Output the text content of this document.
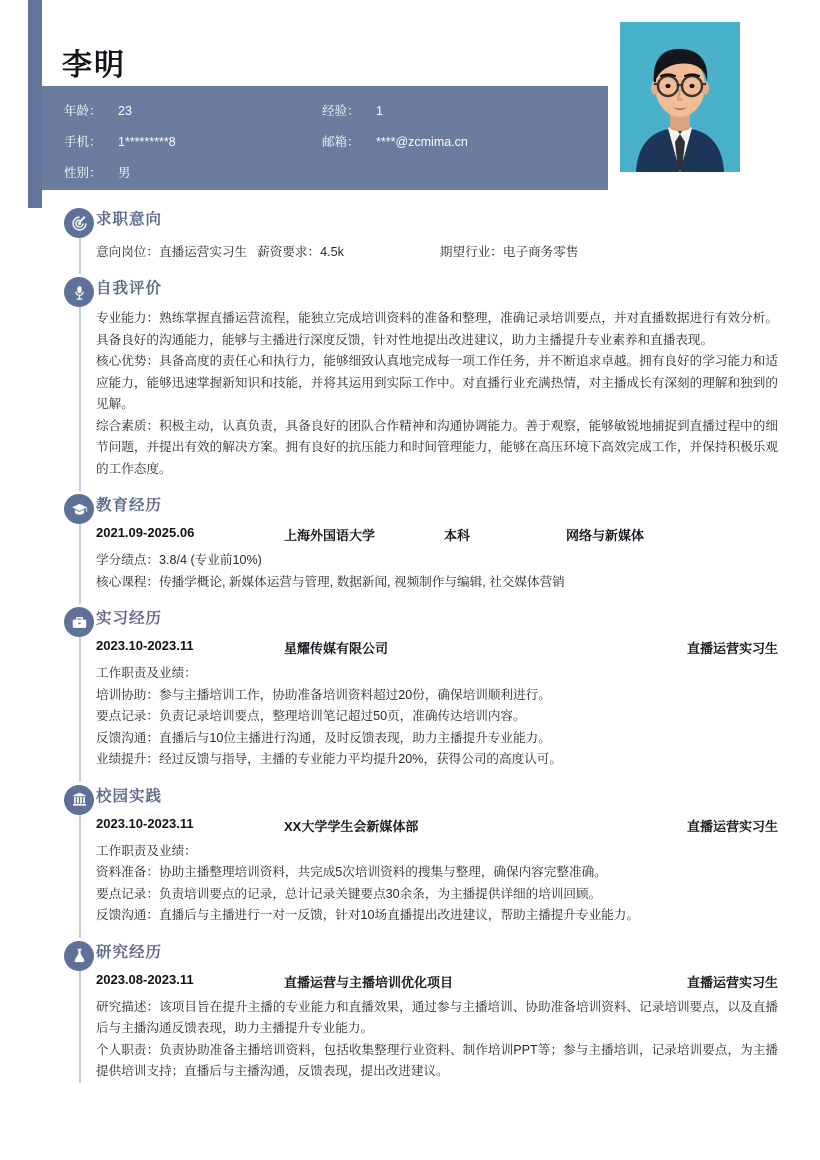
李明
年龄：	23	经验：	1
手机：	1*********8	邮箱：	****@zcmima.cn
性别：	男
求职意向
意向岗位： 直播运营实习生 薪资要求： 4.5k	期望行业： 电子商务零售
自我评价
专业能力：熟练掌握直播运营流程，能独立完成培训资料的准备和整理，准确记录培训要点，并对直播数据进行有效分析。具备良好的沟通能力，能够与主播进行深度反馈，针对性地提出改进建议，助力主播提升专业素养和直播表现。
核心优势：具备高度的责任心和执行力，能够细致认真地完成每一项工作任务，并不断追求卓越。拥有良好的学习能力和适应能力，能够迅速掌握新知识和技能，并将其运用到实际工作中。对直播行业充满热情，对主播成长有深刻的理解和独到的见解。
综合素质：积极主动，认真负责，具备良好的团队合作精神和沟通协调能力。善于观察，能够敏锐地捕捉到直播过程中的细节问题，并提出有效的解决方案。拥有良好的抗压能力和时间管理能力，能够在高压环境下高效完成工作，并保持积极乐观的工作态度。
教育经历
2021.09-2025.06	上海外国语大学	本科	网络与新媒体
学分绩点：3.8/4 (专业前10%)
核心课程：传播学概论, 新媒体运营与管理, 数据新闻, 视频制作与编辑, 社交媒体营销
实习经历
2023.10-2023.11	星耀传媒有限公司	直播运营实习生
工作职责及业绩：
培训协助：参与主播培训工作，协助准备培训资料超过20份，确保培训顺利进行。
要点记录：负责记录培训要点，整理培训笔记超过50页，准确传达培训内容。
反馈沟通：直播后与10位主播进行沟通，及时反馈表现，助力主播提升专业能力。
业绩提升：经过反馈与指导，主播的专业能力平均提升20%，获得公司的高度认可。
校园实践
2023.10-2023.11	XX大学学生会新媒体部	直播运营实习生
工作职责及业绩：
资料准备：协助主播整理培训资料，共完成5次培训资料的搜集与整理，确保内容完整准确。
要点记录：负责培训要点的记录，总计记录关键要点30余条，为主播提供详细的培训回顾。
反馈沟通：直播后与主播进行一对一反馈，针对10场直播提出改进建议，帮助主播提升专业能力。
研究经历
2023.08-2023.11	直播运营与主播培训优化项目	直播运营实习生
研究描述：该项目旨在提升主播的专业能力和直播效果，通过参与主播培训、协助准备培训资料、记录培训要点，以及直播后与主播沟通反馈表现，助力主播提升专业能力。
个人职责：负责协助准备主播培训资料，包括收集整理行业资料、制作培训PPT等；参与主播培训，记录培训要点，为主播提供培训支持；直播后与主播沟通，反馈表现，提出改进建议。
